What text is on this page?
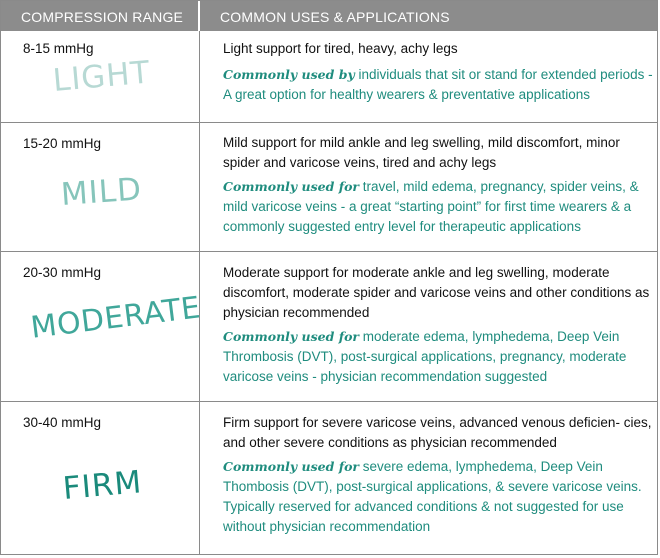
COMPRESSION RANGE	COMMON USES & APPLICATIONS
8-15 mmHg
LIGHT
Light support for tired, heavy, achy legs
Commonly used by individuals that sit or stand for extended periods - A great option for healthy wearers & preventative applications
15-20 mmHg
MILD
Mild support for mild ankle and leg swelling, mild discomfort, minor spider and varicose veins, tired and achy legs
Commonly used for travel, mild edema, pregnancy, spider veins, & mild varicose veins - a great “starting point” for first time wearers & a commonly suggested entry level for therapeutic applications
20-30 mmHg
MODERATE
Moderate support for moderate ankle and leg swelling, moderate discomfort, moderate spider and varicose veins and other conditions as physician recommended
Commonly used for moderate edema, lymphedema, Deep Vein Thrombosis (DVT), post-surgical applications, pregnancy, moderate varicose veins - physician recommendation suggested
30-40 mmHg
FIRM
Firm support for severe varicose veins, advanced venous deficien- cies, and other severe conditions as physician recommended
Commonly used for severe edema, lymphedema, Deep Vein Thombosis (DVT), post-surgical applications, & severe varicose veins. Typically reserved for advanced conditions & not suggested for use without physician recommendation
